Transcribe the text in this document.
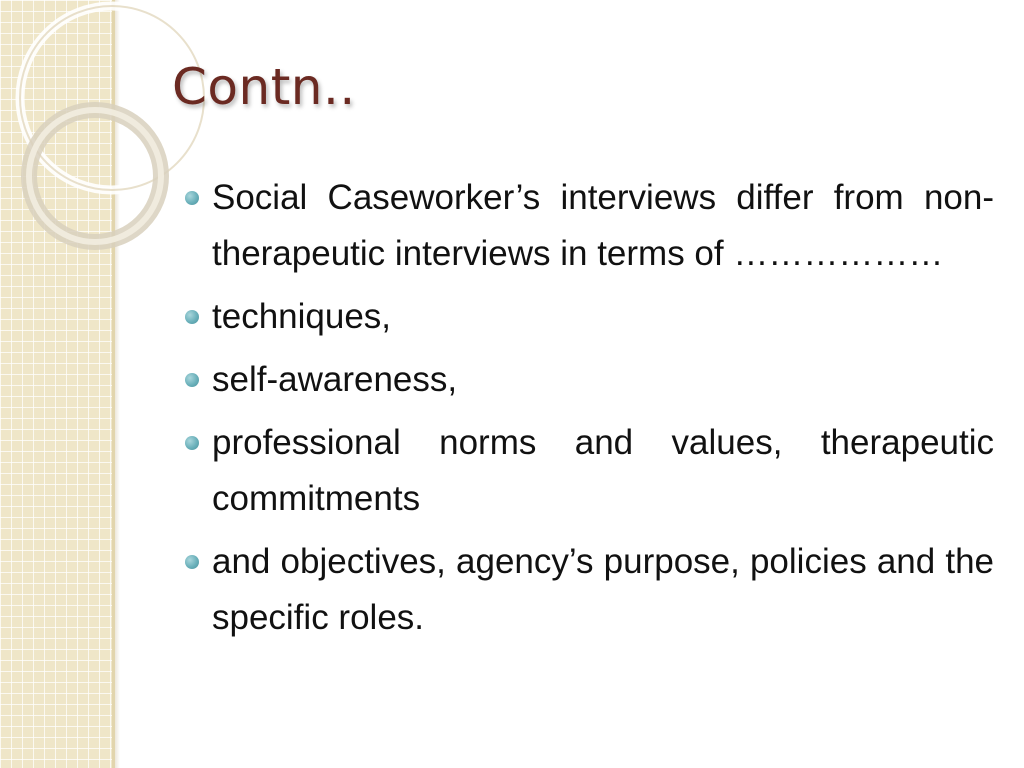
Contn..
Social Caseworker’s interviews differ from non-therapeutic interviews in terms of ………………
techniques,
self-awareness,
professional norms and values, therapeutic commitments
and objectives, agency’s purpose, policies and the specific roles.
